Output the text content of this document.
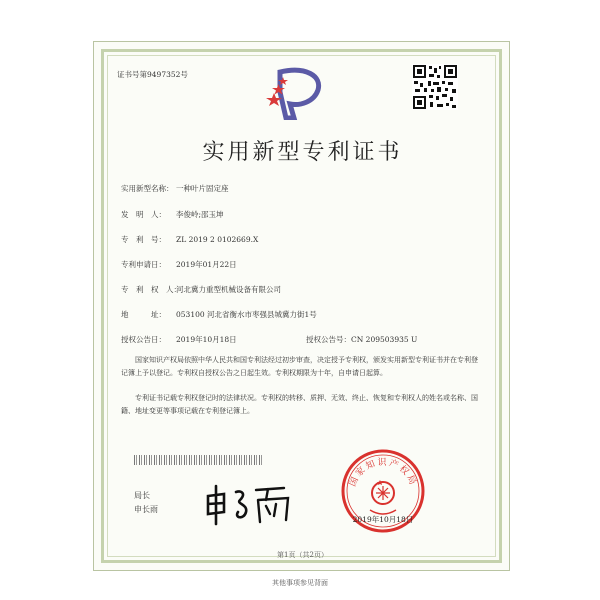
证书号第9497352号
实用新型专利证书
实用新型名称： 一种叶片固定座
发　明　人： 李俊岭;邵玉坤
专　利　号： ZL 2019 2 0102669.X
专利申请日： 2019年01月22日
专　利　权　人：河北冀力重型机械设备有限公司
地　　　址： 053100 河北省衡水市枣强县城冀力街1号
授权公告日： 2019年10月18日	授权公告号：CN 209503935 U
国家知识产权局依照中华人民共和国专利法经过初步审查，决定授予专利权，颁发实用新型专利证书并在专利登记簿上予以登记。专利权自授权公告之日起生效。专利权期限为十年，自申请日起算。
专利证书记载专利权登记时的法律状况。专利权的转移、质押、无效、终止、恢复和专利权人的姓名或名称、国籍、地址变更等事项记载在专利登记簿上。
局长
申长雨
国家知识产权局
2019年10月18日
第1页（共2页）
其他事项参见背面
